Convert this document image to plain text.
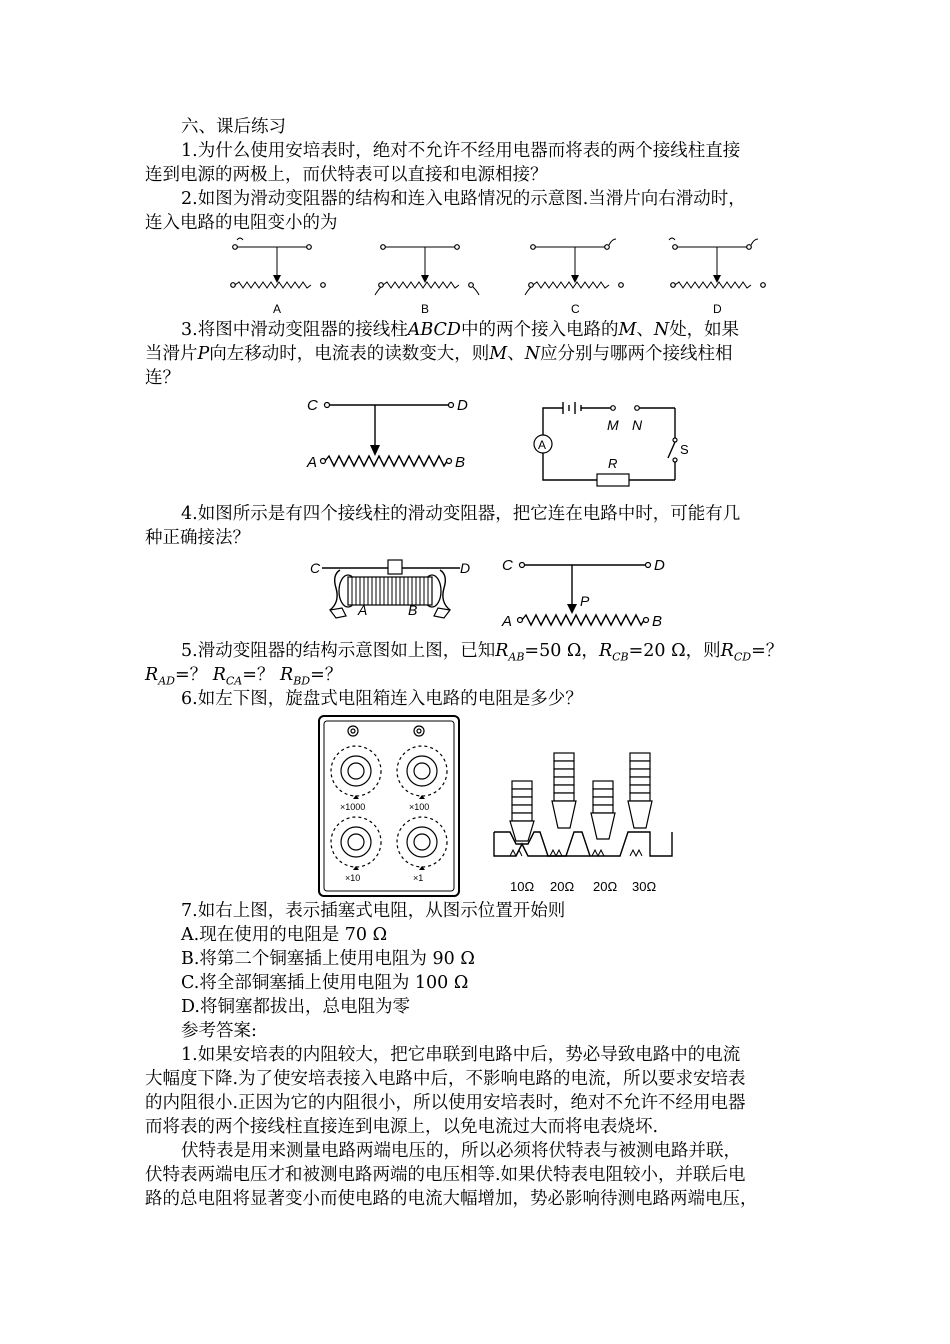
六、课后练习
1.为什么使用安培表时，绝对不允许不经用电器而将表的两个接线柱直接
连到电源的两极上，而伏特表可以直接和电源相接？
2.如图为滑动变阻器的结构和连入电路情况的示意图.当滑片向右滑动时，
连入电路的电阻变小的为
A	B	C	D
3.将图中滑动变阻器的接线柱ABCD中的两个接入电路的M、N处，如果
当滑片P向左移动时，电流表的读数变大，则M、N应分别与哪两个接线柱相
连？
C	D
A	B
S
M N
A
R
4.如图所示是有四个接线柱的滑动变阻器，把它连在电路中时，可能有几
种正确接法？
C	D
A	B
C	D
P
A	B
5.滑动变阻器的结构示意图如上图，已知$R_{AB}=50$ Ω，$R_{CB}=20$ Ω，则$R_{CD}=$？
$R_{AD}=$？ $R_{CA}=$？ $R_{BD}=$？
6.如左下图，旋盘式电阻箱连入电路的电阻是多少？
×1000	×100
×10	×1
10Ω 20Ω 20Ω 30Ω
7.如右上图，表示插塞式电阻，从图示位置开始则
A.现在使用的电阻是 70 Ω
B.将第二个铜塞插上使用电阻为 90 Ω
C.将全部铜塞插上使用电阻为 100 Ω
D.将铜塞都拔出，总电阻为零
参考答案:
1.如果安培表的内阻较大，把它串联到电路中后，势必导致电路中的电流
大幅度下降.为了使安培表接入电路中后，不影响电路的电流，所以要求安培表
的内阻很小.正因为它的内阻很小，所以使用安培表时，绝对不允许不经用电器
而将表的两个接线柱直接连到电源上，以免电流过大而将电表烧坏.
伏特表是用来测量电路两端电压的，所以必须将伏特表与被测电路并联，
伏特表两端电压才和被测电路两端的电压相等.如果伏特表电阻较小，并联后电
路的总电阻将显著变小而使电路的电流大幅增加，势必影响待测电路两端电压，
